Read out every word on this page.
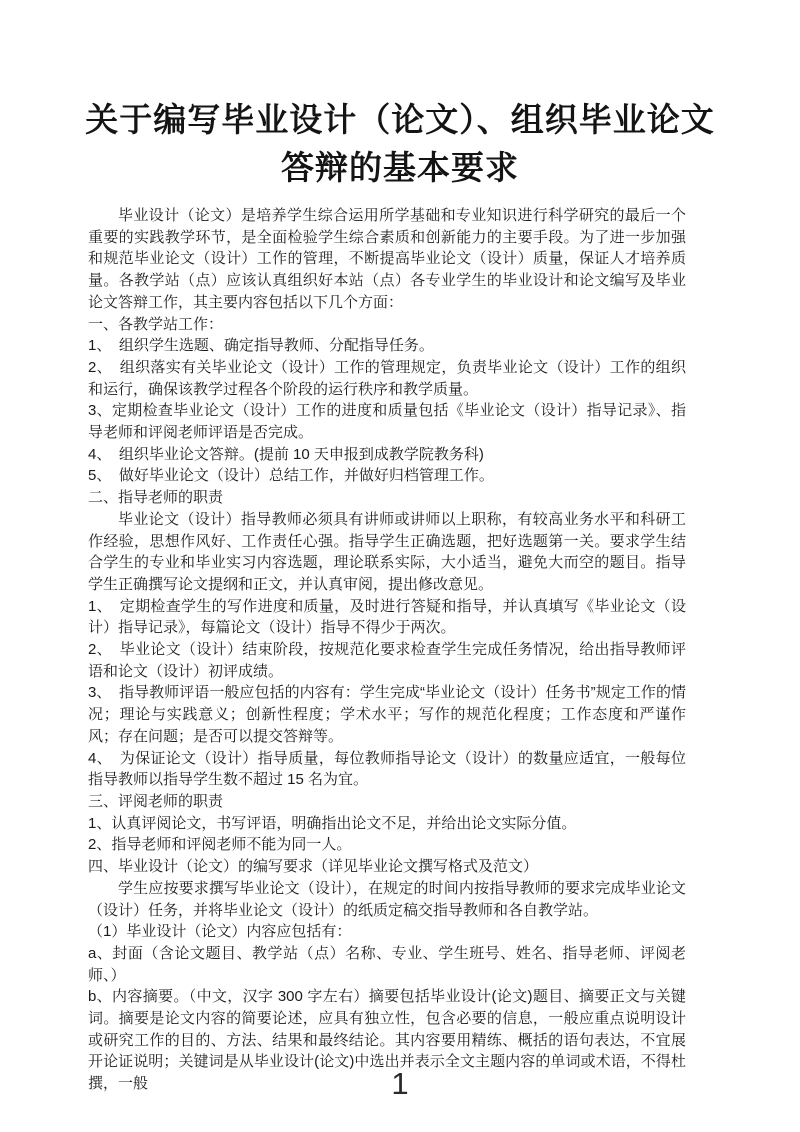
关于编写毕业设计（论文）、组织毕业论文
答辩的基本要求
毕业设计（论文）是培养学生综合运用所学基础和专业知识进行科学研究的最后一个重要的实践教学环节，是全面检验学生综合素质和创新能力的主要手段。为了进一步加强和规范毕业论文（设计）工作的管理，不断提高毕业论文（设计）质量，保证人才培养质量。各教学站（点）应该认真组织好本站（点）各专业学生的毕业设计和论文编写及毕业论文答辩工作，其主要内容包括以下几个方面：
一、各教学站工作：
1、　组织学生选题、确定指导教师、分配指导任务。
2、　组织落实有关毕业论文（设计）工作的管理规定，负责毕业论文（设计）工作的组织和运行，确保该教学过程各个阶段的运行秩序和教学质量。
3、定期检查毕业论文（设计）工作的进度和质量包括《毕业论文（设计）指导记录》、指导老师和评阅老师评语是否完成。
4、　组织毕业论文答辩。(提前 10 天申报到成教学院教务科)
5、　做好毕业论文（设计）总结工作，并做好归档管理工作。
二、指导老师的职责
毕业论文（设计）指导教师必须具有讲师或讲师以上职称，有较高业务水平和科研工作经验，思想作风好、工作责任心强。指导学生正确选题，把好选题第一关。要求学生结合学生的专业和毕业实习内容选题，理论联系实际，大小适当，避免大而空的题目。指导学生正确撰写论文提纲和正文，并认真审阅，提出修改意见。
1、　定期检查学生的写作进度和质量，及时进行答疑和指导，并认真填写《毕业论文（设计）指导记录》，每篇论文（设计）指导不得少于两次。
2、　毕业论文（设计）结束阶段，按规范化要求检查学生完成任务情况，给出指导教师评语和论文（设计）初评成绩。
3、　指导教师评语一般应包括的内容有：学生完成“毕业论文（设计）任务书”规定工作的情况；理论与实践意义；创新性程度；学术水平；写作的规范化程度；工作态度和严谨作风；存在问题；是否可以提交答辩等。
4、　为保证论文（设计）指导质量，每位教师指导论文（设计）的数量应适宜，一般每位指导教师以指导学生数不超过 15 名为宜。
三、评阅老师的职责
1、认真评阅论文，书写评语，明确指出论文不足，并给出论文实际分值。
2、指导老师和评阅老师不能为同一人。
四、毕业设计（论文）的编写要求（详见毕业论文撰写格式及范文）
学生应按要求撰写毕业论文（设计），在规定的时间内按指导教师的要求完成毕业论文（设计）任务，并将毕业论文（设计）的纸质定稿交指导教师和各自教学站。
（1）毕业设计（论文）内容应包括有：
a、封面（含论文题目、教学站（点）名称、专业、学生班号、姓名、指导老师、评阅老师、）
b、内容摘要。（中文，汉字 300 字左右）摘要包括毕业设计(论文)题目、摘要正文与关键词。摘要是论文内容的简要论述，应具有独立性，包含必要的信息，一般应重点说明设计或研究工作的目的、方法、结果和最终结论。其内容要用精练、概括的语句表达，不宜展开论证说明；关键词是从毕业设计(论文)中选出并表示全文主题内容的单词或术语，不得杜撰，一般	1
